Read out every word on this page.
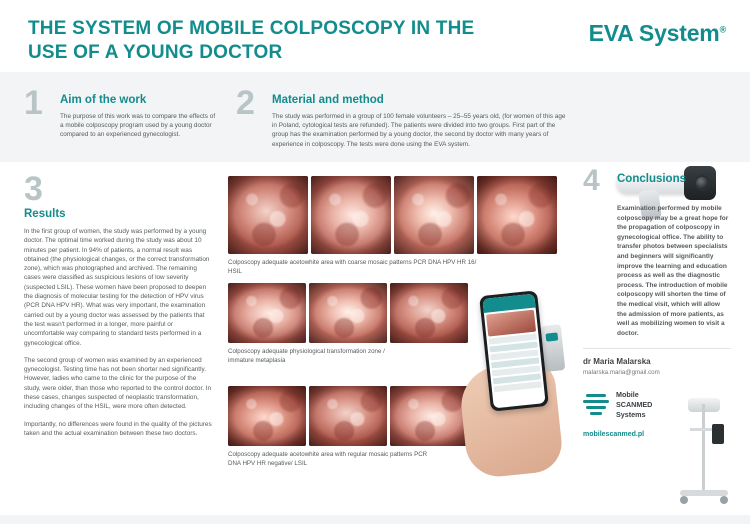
THE SYSTEM OF MOBILE COLPOSCOPY IN THE USE OF A YOUNG DOCTOR
EVA System®
1 Aim of the work
The purpose of this work was to compare the effects of a mobile colposcopy program used by a young doctor compared to an experienced gynecologist.
2 Material and method
The study was performed in a group of 100 female volunteers – 25–55 years old, (for women of this age in Poland, cytological tests are refunded). The patients were divided into two groups. First part of the group has the examination performed by a young doctor, the second by doctor with many years of experience in colposcopy. The tests were done using the EVA system.
3
Results

In the first group of women, the study was performed by a young doctor. The optimal time worked during the study was about 10 minutes per patient. In 94% of patients, a normal result was obtained (the physiological changes, or the correct transformation zone), which was photographed and archived. The remaining cases were classified as suspicious lesions of low severity (suspected LSIL). These women have been proposed to deepen the diagnosis of molecular testing for the detection of HPV virus (PCR DNA HPV HR). What was very important, the examination carried out by a young doctor was assessed by the patients that the test wasn't performed in a longer, more painful or uncomfortable way comparing to standard tests performed in a gynecological office.

The second group of women was examined by an experienced gynecologist. Testing time has not been shorter ned significantly. However, ladies who came to the clinic for the purpose of the study, were older, than those who reported to the control doctor. In these cases, changes suspected of neoplastic transformation, including changes of the HSIL, were more often detected.

Importantly, no differences were found in the quality of the pictures taken and the actual examination between these two doctors.

Colposcopy adequate acetowhite area with coarse mosaic patterns PCR DNA HPV HR 16/ HSIL
Colposcopy adequate physiological transformation zone / immature metaplasia
Colposcopy adequate acetowhite area with regular mosaic patterns PCR DNA HPV HR negative/ LSIL
4 Conclusions
Examination performed by mobile colposcopy may be a great hope for the propagation of colposcopy in gynecological office. The ability to transfer photos between specialists and beginners will significantly improve the learning and education process as well as the diagnostic process. The introduction of mobile colposcopy will shorten the time of the medical visit, which will allow the admission of more patients, as well as mobilizing women to visit a doctor.
dr Maria Malarska
malarska.maria@gmail.com
Mobile
SCANMED
Systems
mobilescanmed.pl
